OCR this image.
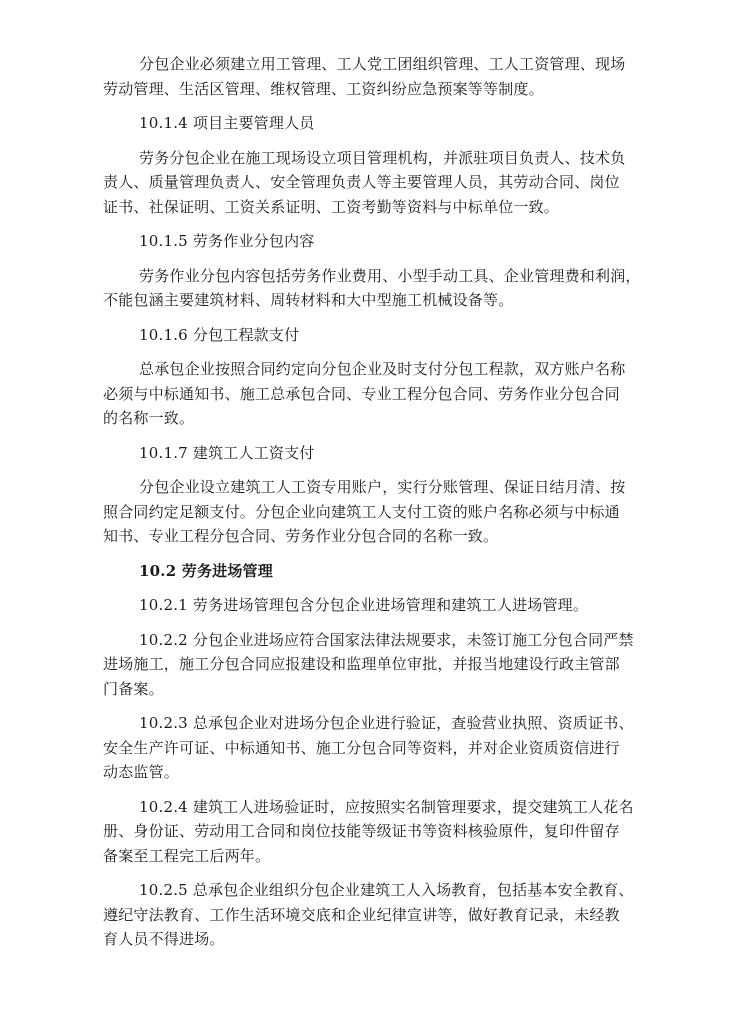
分包企业必须建立用工管理、工人党工团组织管理、工人工资管理、现场
劳动管理、生活区管理、维权管理、工资纠纷应急预案等等制度。

10.1.4 项目主要管理人员

劳务分包企业在施工现场设立项目管理机构，并派驻项目负责人、技术负
责人、质量管理负责人、安全管理负责人等主要管理人员，其劳动合同、岗位
证书、社保证明、工资关系证明、工资考勤等资料与中标单位一致。

10.1.5 劳务作业分包内容

劳务作业分包内容包括劳务作业费用、小型手动工具、企业管理费和利润，
不能包涵主要建筑材料、周转材料和大中型施工机械设备等。

10.1.6 分包工程款支付

总承包企业按照合同约定向分包企业及时支付分包工程款，双方账户名称
必须与中标通知书、施工总承包合同、专业工程分包合同、劳务作业分包合同
的名称一致。

10.1.7 建筑工人工资支付

分包企业设立建筑工人工资专用账户，实行分账管理、保证日结月清、按
照合同约定足额支付。分包企业向建筑工人支付工资的账户名称必须与中标通
知书、专业工程分包合同、劳务作业分包合同的名称一致。

10.2 劳务进场管理

10.2.1 劳务进场管理包含分包企业进场管理和建筑工人进场管理。

10.2.2 分包企业进场应符合国家法律法规要求，未签订施工分包合同严禁
进场施工，施工分包合同应报建设和监理单位审批，并报当地建设行政主管部
门备案。

10.2.3 总承包企业对进场分包企业进行验证，查验营业执照、资质证书、
安全生产许可证、中标通知书、施工分包合同等资料，并对企业资质资信进行
动态监管。

10.2.4 建筑工人进场验证时，应按照实名制管理要求，提交建筑工人花名
册、身份证、劳动用工合同和岗位技能等级证书等资料核验原件，复印件留存
备案至工程完工后两年。

10.2.5 总承包企业组织分包企业建筑工人入场教育，包括基本安全教育、
遵纪守法教育、工作生活环境交底和企业纪律宣讲等，做好教育记录，未经教
育人员不得进场。
